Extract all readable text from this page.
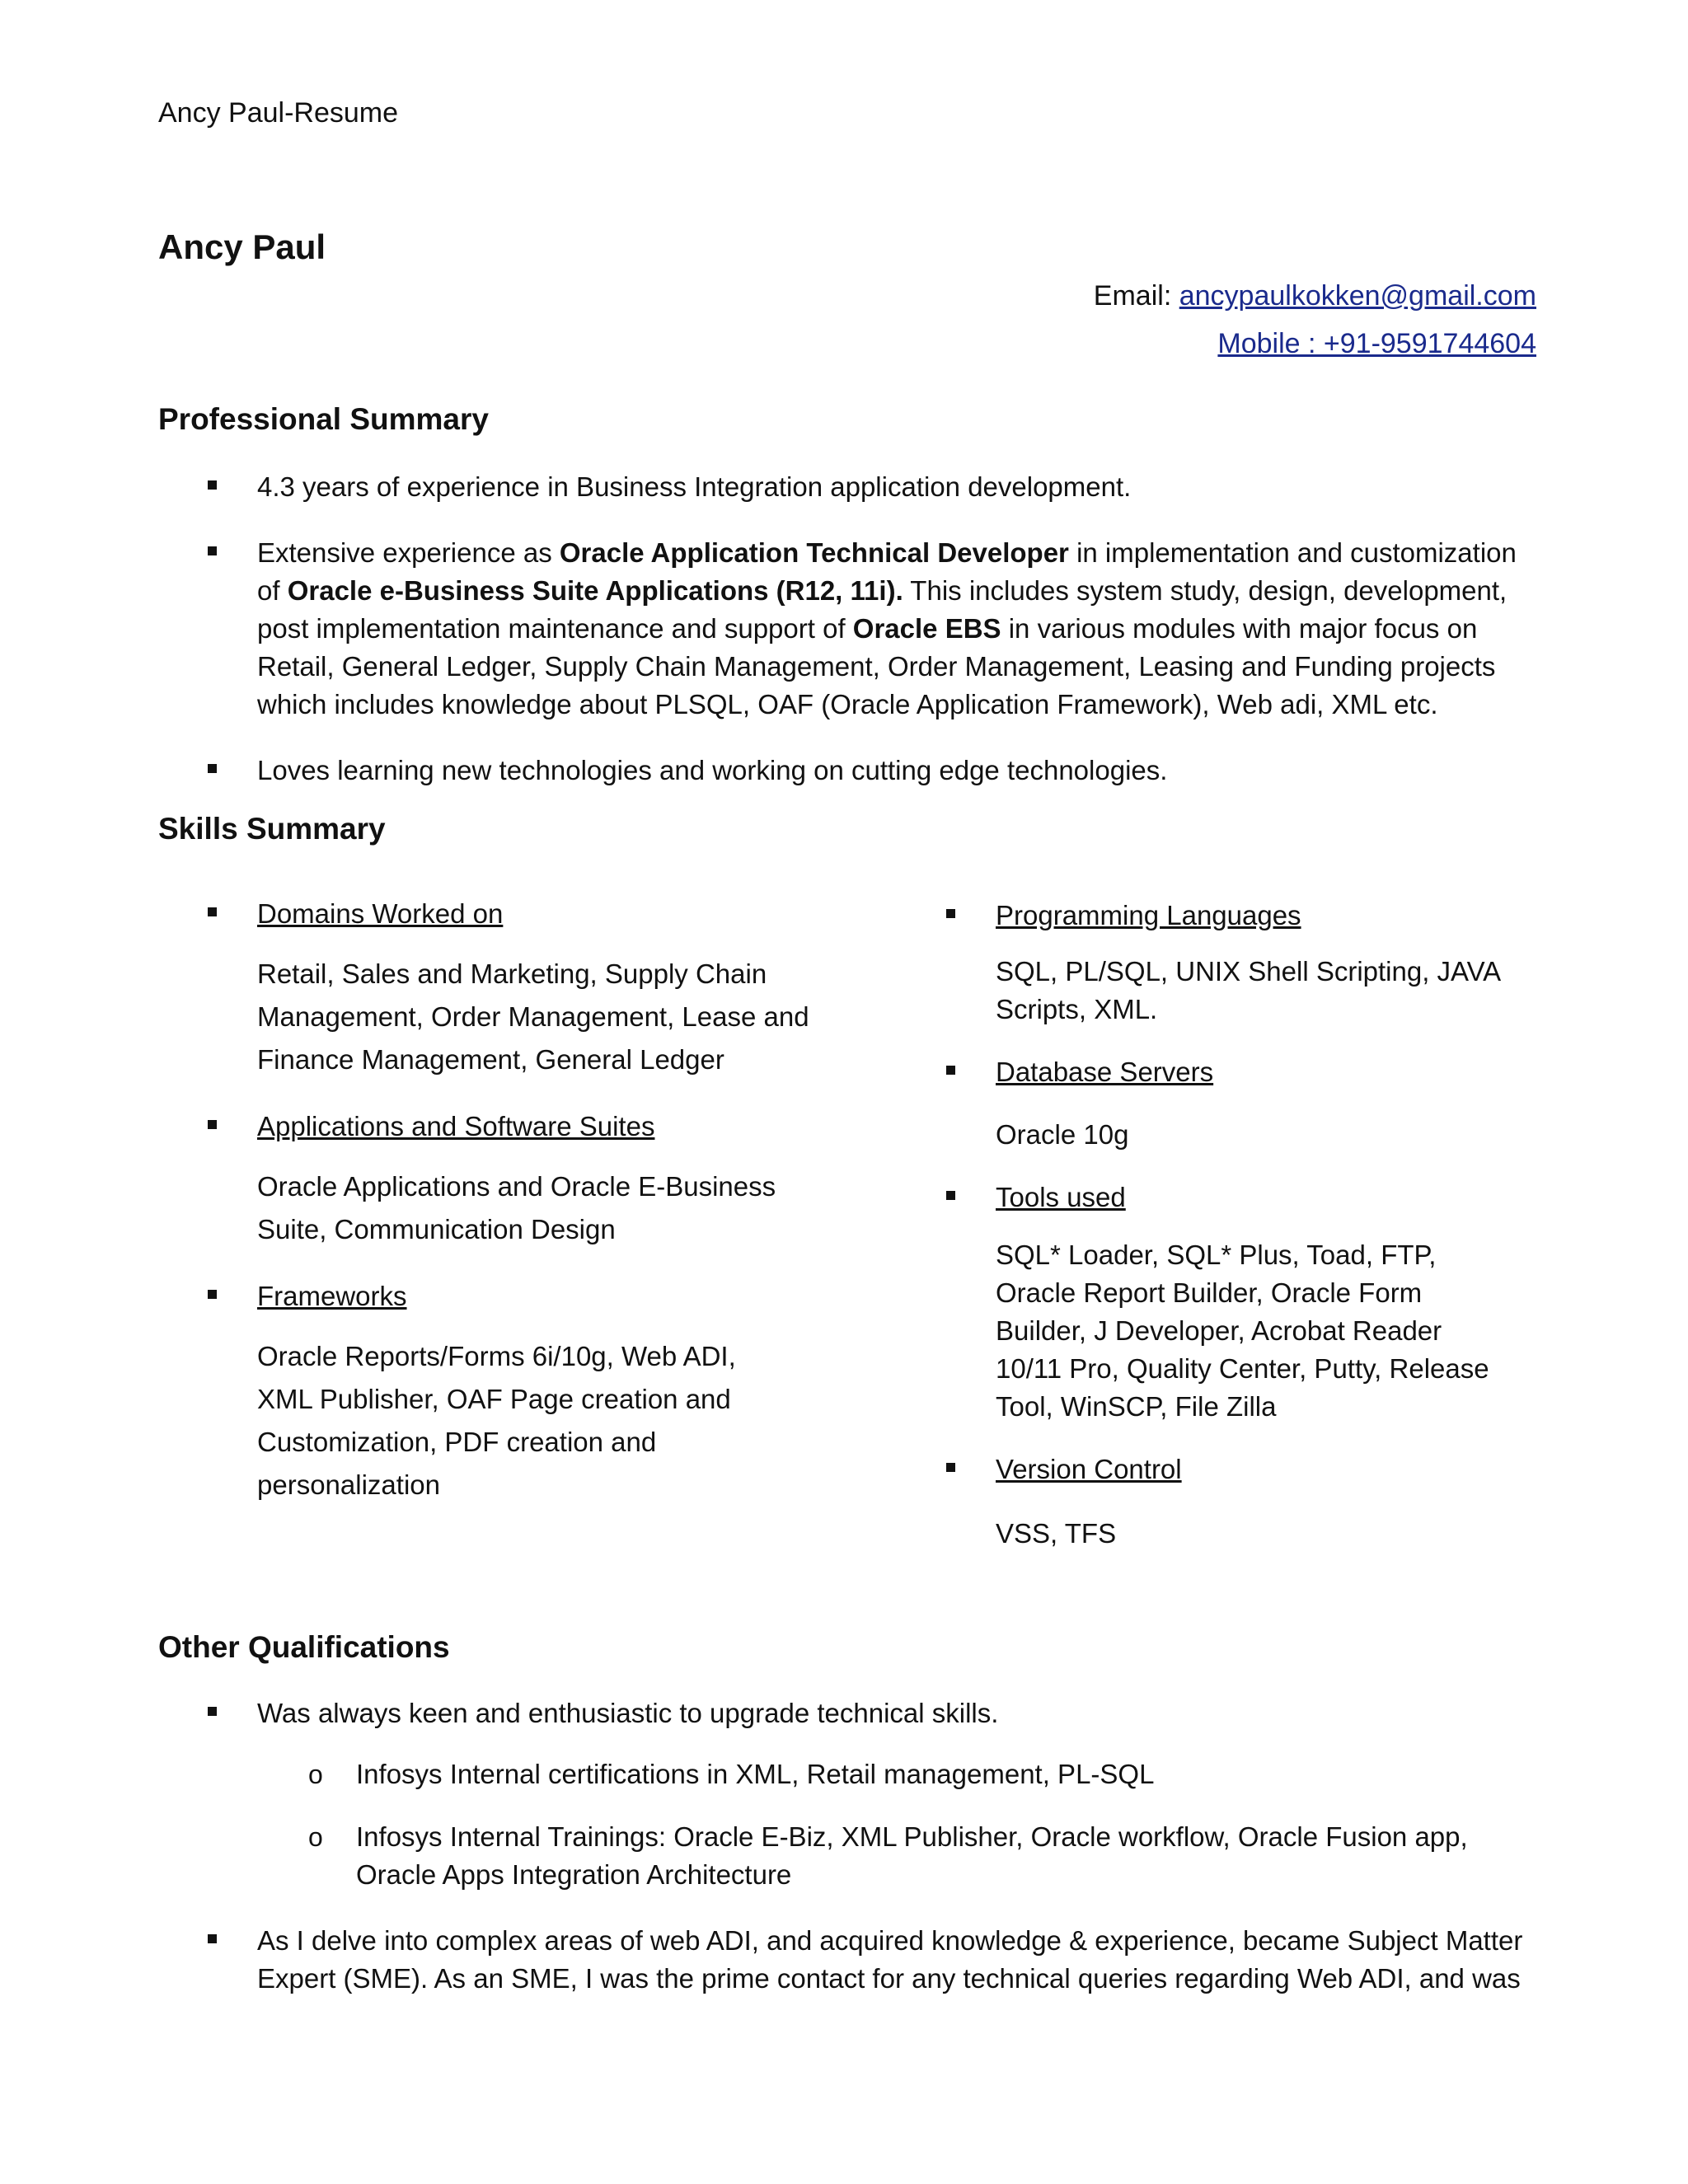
Ancy Paul-Resume
Ancy Paul
Email: ancypaulkokken@gmail.com
Mobile : +91-9591744604
Professional Summary
4.3 years of experience in Business Integration application development.
Extensive experience as Oracle Application Technical Developer in implementation and customization of Oracle e-Business Suite Applications (R12, 11i). This includes system study, design, development, post implementation maintenance and support of Oracle EBS in various modules with major focus on Retail, General Ledger, Supply Chain Management, Order Management, Leasing and Funding projects which includes knowledge about PLSQL, OAF (Oracle Application Framework), Web adi, XML etc.
Loves learning new technologies and working on cutting edge technologies.
Skills Summary
Domains Worked on
Retail, Sales and Marketing, Supply Chain Management, Order Management, Lease and Finance Management, General Ledger
Applications and Software Suites
Oracle Applications and Oracle E-Business Suite, Communication Design
Frameworks
Oracle Reports/Forms 6i/10g, Web ADI, XML Publisher, OAF Page creation and Customization, PDF creation and personalization
Programming Languages
SQL, PL/SQL, UNIX Shell Scripting, JAVA Scripts, XML.
Database Servers
Oracle 10g
Tools used
SQL* Loader, SQL* Plus, Toad, FTP, Oracle Report Builder, Oracle Form Builder, J Developer, Acrobat Reader 10/11 Pro, Quality Center, Putty, Release Tool, WinSCP, File Zilla
Version Control
VSS, TFS
Other Qualifications
Was always keen and enthusiastic to upgrade technical skills.
o Infosys Internal certifications in XML, Retail management, PL-SQL
o Infosys Internal Trainings: Oracle E-Biz, XML Publisher, Oracle workflow, Oracle Fusion app, Oracle Apps Integration Architecture
As I delve into complex areas of web ADI, and acquired knowledge & experience, became Subject Matter Expert (SME). As an SME, I was the prime contact for any technical queries regarding Web ADI, and was
